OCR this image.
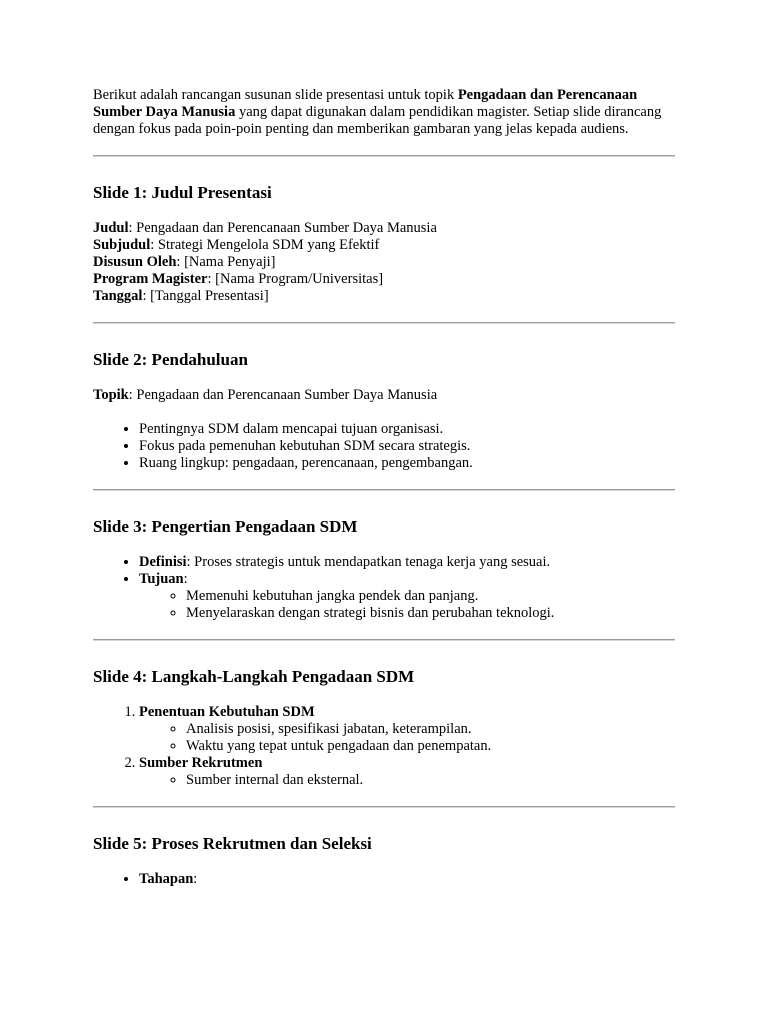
Berikut adalah rancangan susunan slide presentasi untuk topik Pengadaan dan Perencanaan Sumber Daya Manusia yang dapat digunakan dalam pendidikan magister. Setiap slide dirancang dengan fokus pada poin-poin penting dan memberikan gambaran yang jelas kepada audiens.

Slide 1: Judul Presentasi

Judul: Pengadaan dan Perencanaan Sumber Daya Manusia

Subjudul: Strategi Mengelola SDM yang Efektif

Disusun Oleh: [Nama Penyaji]

Program Magister: [Nama Program/Universitas]

Tanggal: [Tanggal Presentasi]

Slide 2: Pendahuluan

Topik: Pengadaan dan Perencanaan Sumber Daya Manusia

• Pentingnya SDM dalam mencapai tujuan organisasi.
• Fokus pada pemenuhan kebutuhan SDM secara strategis.
• Ruang lingkup: pengadaan, perencanaan, pengembangan.
Slide 3: Pengertian Pengadaan SDM
• Definisi: Proses strategis untuk mendapatkan tenaga kerja yang sesuai.
• Tujuan:
◦ Memenuhi kebutuhan jangka pendek dan panjang.
◦ Menyelaraskan dengan strategi bisnis dan perubahan teknologi.
Slide 4: Langkah-Langkah Pengadaan SDM
1. Penentuan Kebutuhan SDM
◦ Analisis posisi, spesifikasi jabatan, keterampilan.
◦ Waktu yang tepat untuk pengadaan dan penempatan.
2. Sumber Rekrutmen
◦ Sumber internal dan eksternal.
Slide 5: Proses Rekrutmen dan Seleksi
• Tahapan:
